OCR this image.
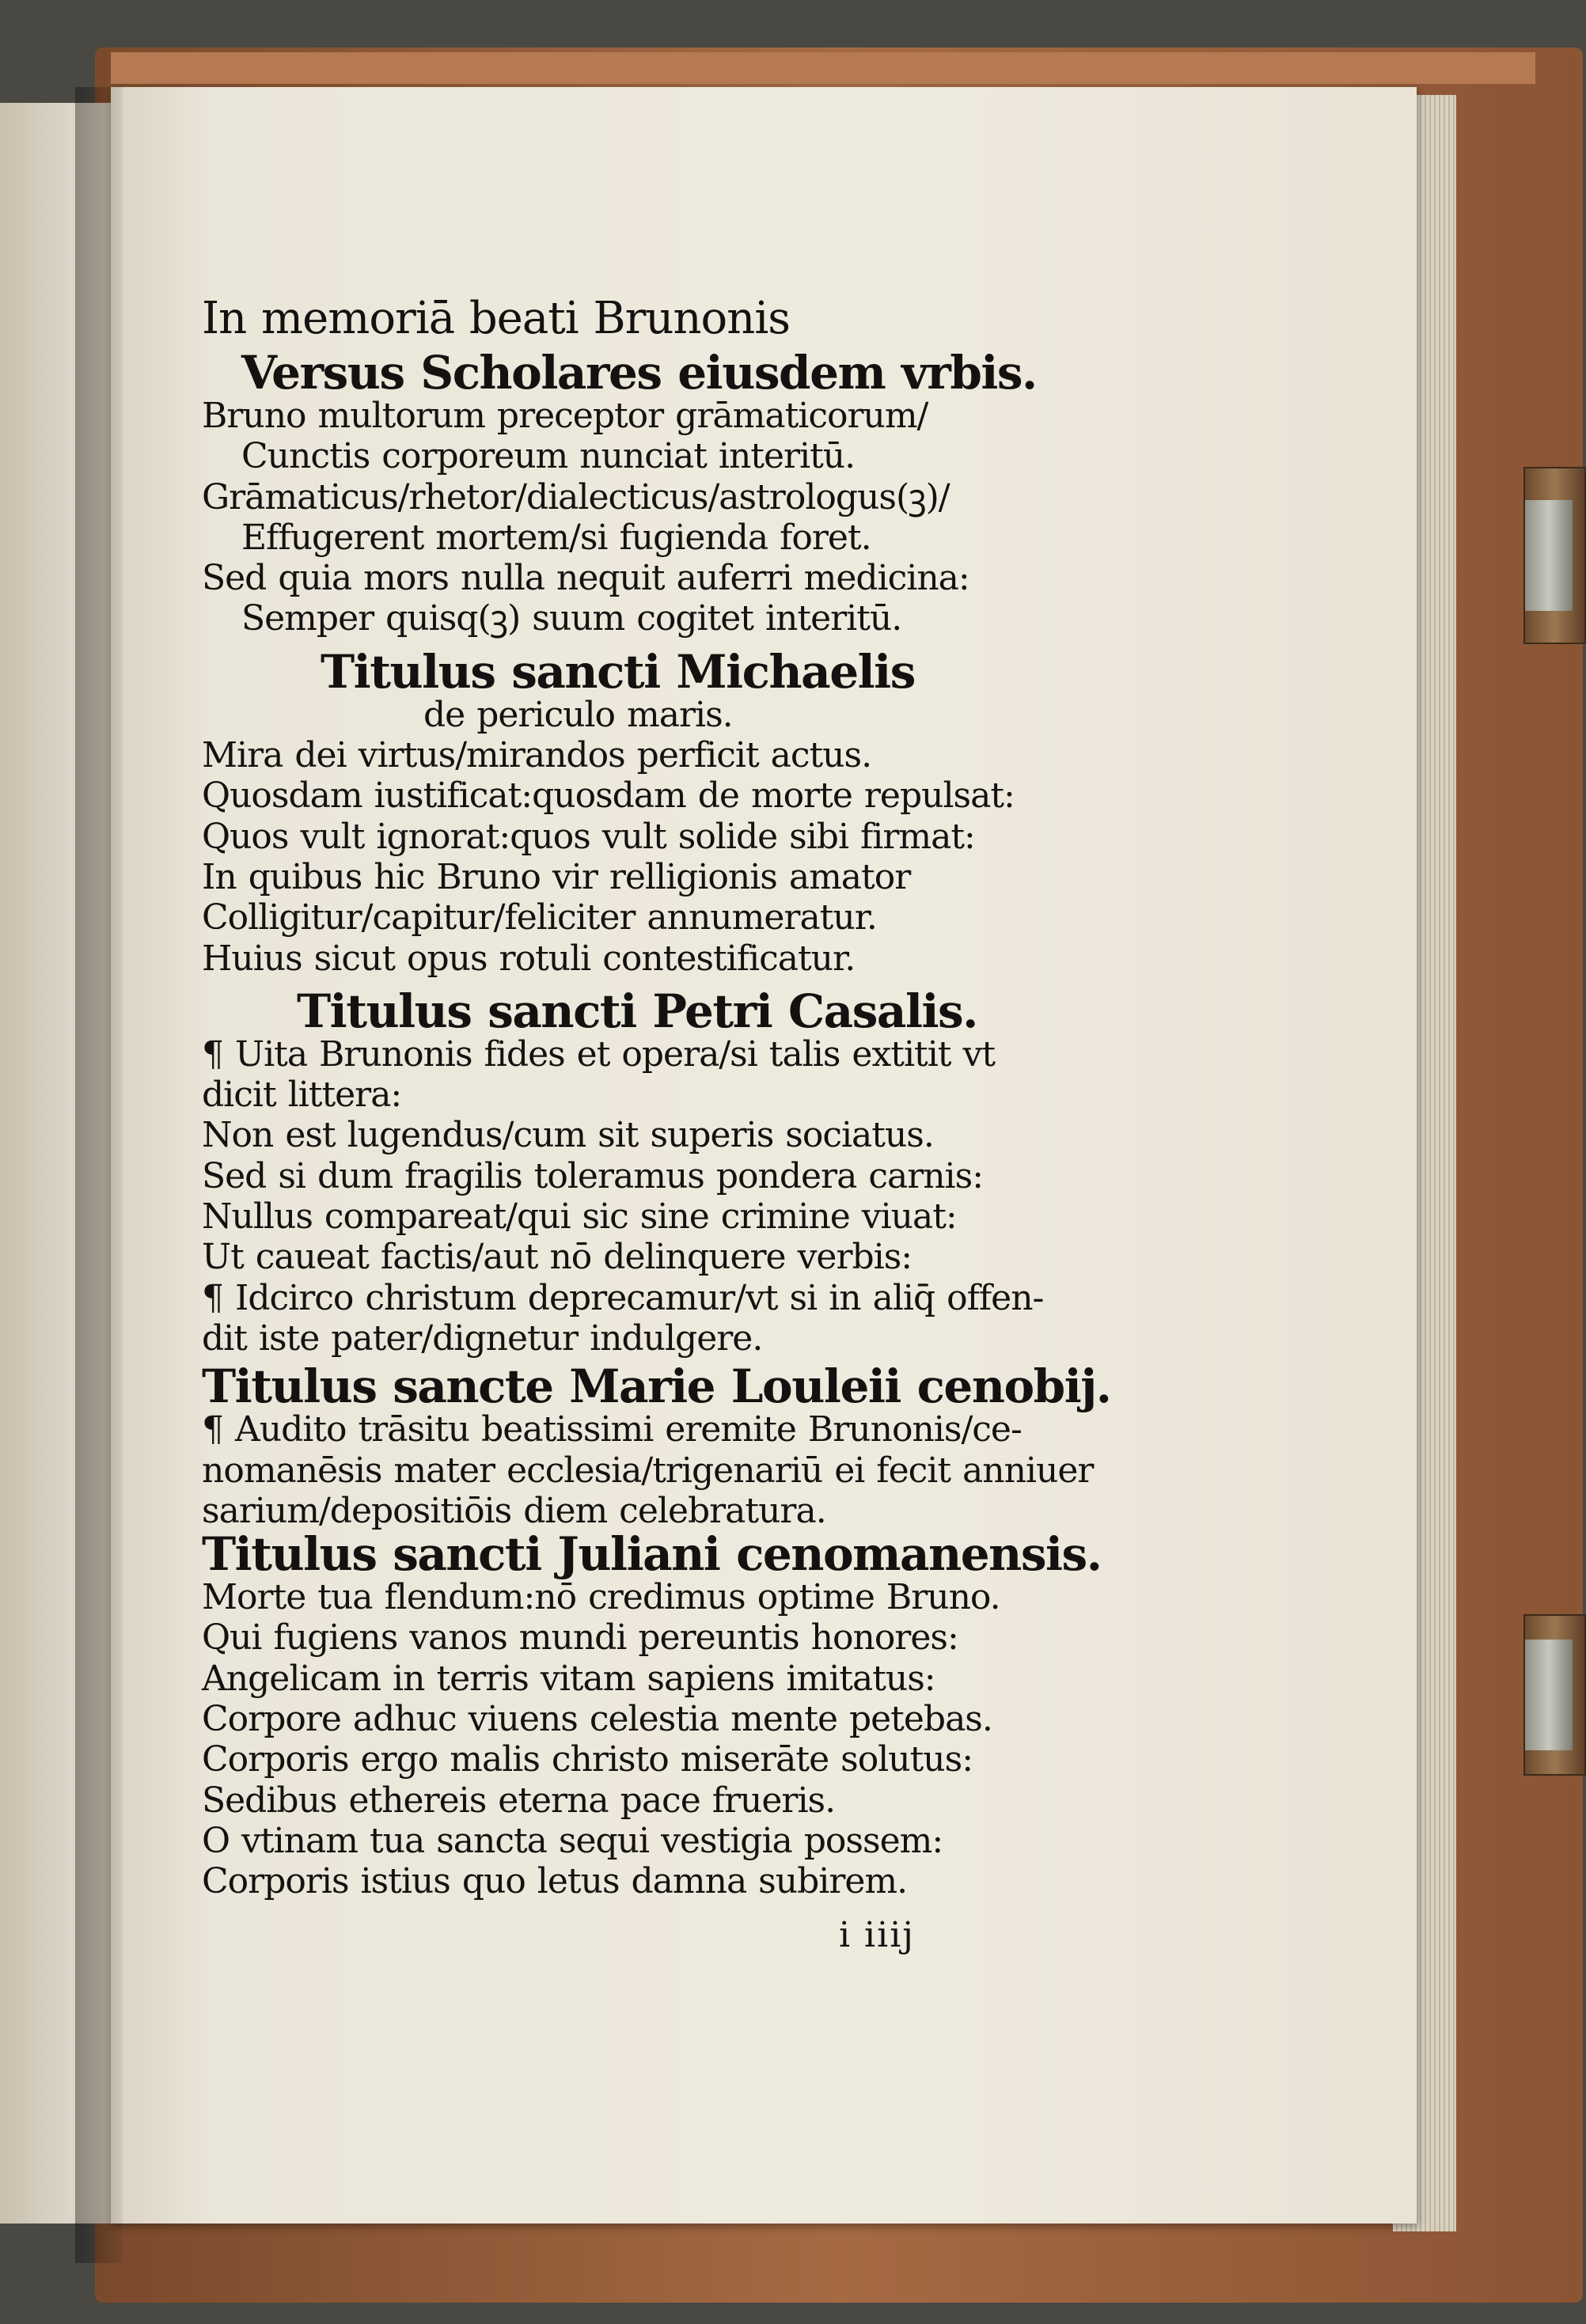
In memoriā beati Brunonis
Versus Scholares eiusdem vrbis.
Bruno multorum preceptor grāmaticorum/
Cunctis corporeum nunciat interitū.
Grāmaticus/rhetor/dialecticus/astrologus(ꝫ)/
Effugerent mortem/si fugienda foret.
Sed quia mors nulla nequit auferri medicina:
Semper quisq(ꝫ) suum cogitet interitū.
Titulus sancti Michaelis
de periculo maris.
Mira dei virtus/mirandos perficit actus.
Quosdam iustificat:quosdam de morte repulsat:
Quos vult ignorat:quos vult solide sibi firmat:
In quibus hic Bruno vir relligionis amator
Colligitur/capitur/feliciter annumeratur.
Huius sicut opus rotuli contestificatur.
Titulus sancti Petri Casalis.
¶ Uita Brunonis fides et opera/si talis extitit vt
dicit littera:
Non est lugendus/cum sit superis sociatus.
Sed si dum fragilis toleramus pondera carnis:
Nullus compareat/qui sic sine crimine viuat:
Ut caueat factis/aut nō delinquere verbis:
¶ Idcirco christum deprecamur/vt si in aliq̄ offen-
dit iste pater/dignetur indulgere.
Titulus sancte Marie Louleii cenobij.
¶ Audito trāsitu beatissimi eremite Brunonis/ce-
nomanēsis mater ecclesia/trigenariū ei fecit anniuer
sarium/depositiōis diem celebratura.
Titulus sancti Juliani cenomanensis.
Morte tua flendum:nō credimus optime Bruno.
Qui fugiens vanos mundi pereuntis honores:
Angelicam in terris vitam sapiens imitatus:
Corpore adhuc viuens celestia mente petebas.
Corporis ergo malis christo miserāte solutus:
Sedibus ethereis eterna pace frueris.
O vtinam tua sancta sequi vestigia possem:
Corporis istius quo letus damna subirem.
i iiij
